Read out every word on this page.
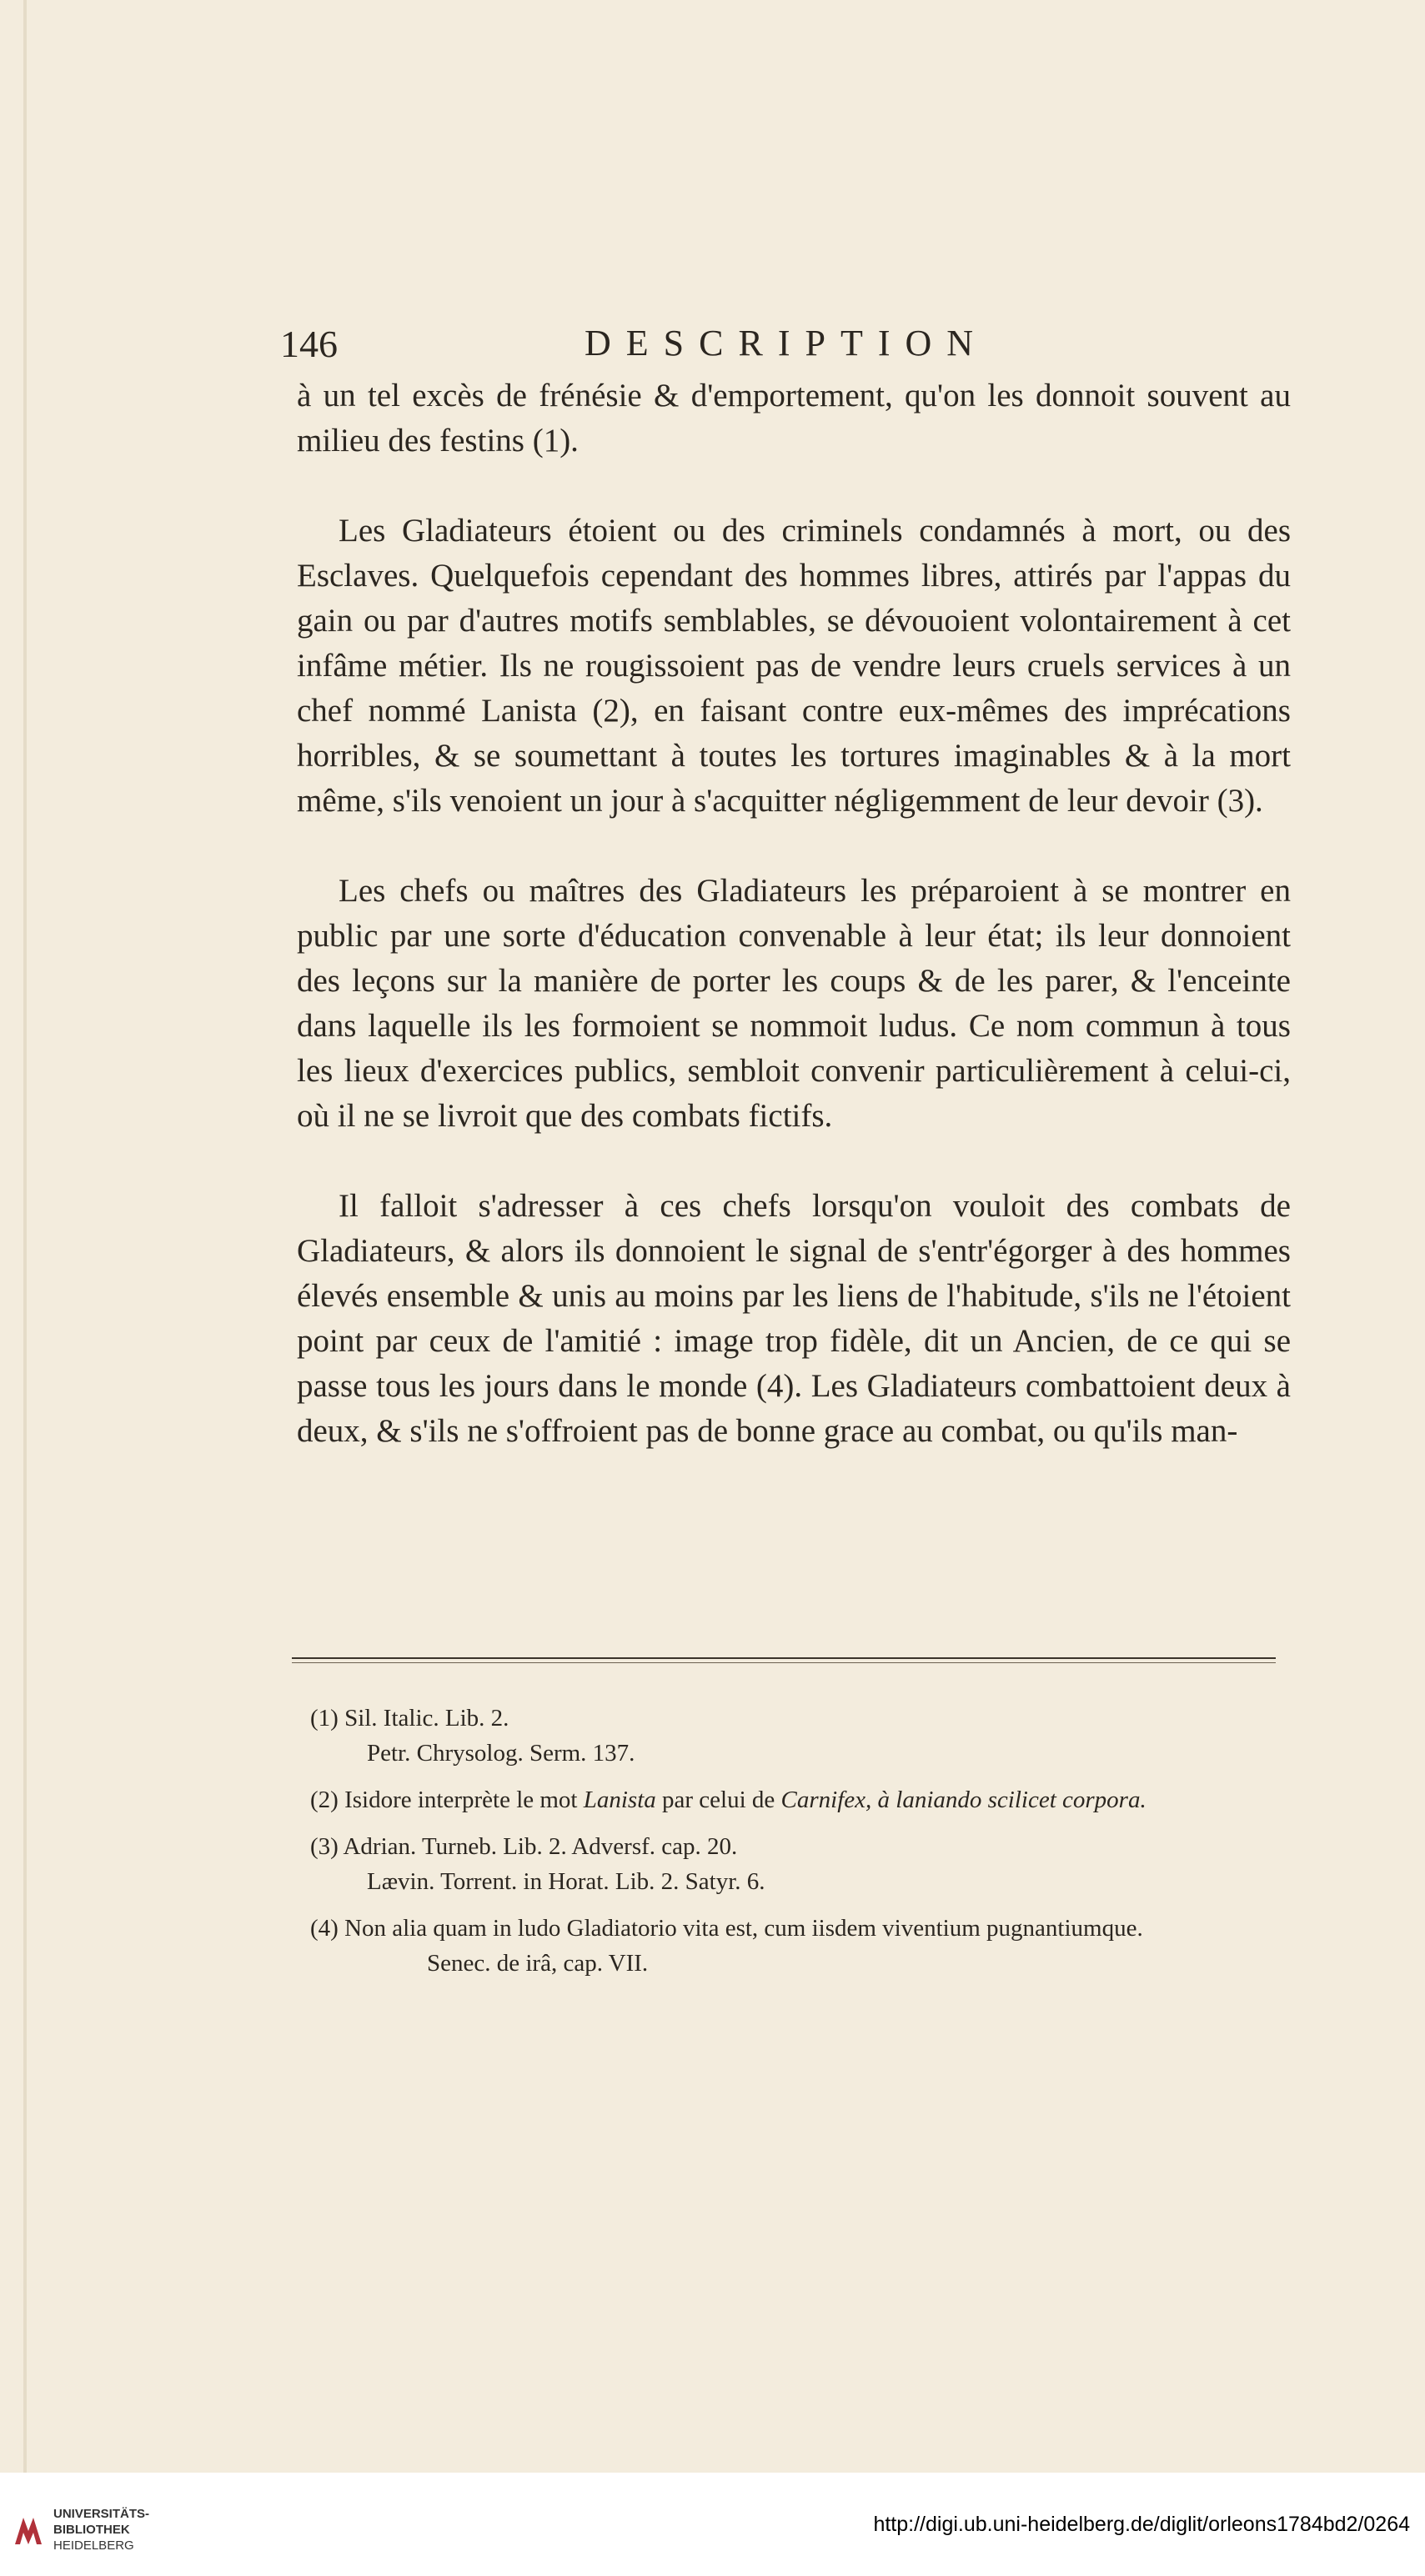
146	DESCRIPTION

à un tel excès de frénésie & d'emportement, qu'on les donnoit souvent au milieu des festins (1).

Les Gladiateurs étoient ou des criminels condamnés à mort, ou des Esclaves. Quelquefois cependant des hommes libres, attirés par l'appas du gain ou par d'autres motifs semblables, se dévouoient volontairement à cet infâme métier. Ils ne rougissoient pas de vendre leurs cruels services à un chef nommé Lanista (2), en faisant contre eux-mêmes des imprécations horribles, & se soumettant à toutes les tortures imaginables & à la mort même, s'ils venoient un jour à s'acquitter négligemment de leur devoir (3).

Les chefs ou maîtres des Gladiateurs les préparoient à se montrer en public par une sorte d'éducation convenable à leur état; ils leur donnoient des leçons sur la manière de porter les coups & de les parer, & l'enceinte dans laquelle ils les formoient se nommoit ludus. Ce nom commun à tous les lieux d'exercices publics, sembloit convenir particulièrement à celui-ci, où il ne se livroit que des combats fictifs.

Il falloit s'adresser à ces chefs lorsqu'on vouloit des combats de Gladiateurs, & alors ils donnoient le signal de s'entr'égorger à des hommes élevés ensemble & unis au moins par les liens de l'habitude, s'ils ne l'étoient point par ceux de l'amitié : image trop fidèle, dit un Ancien, de ce qui se passe tous les jours dans le monde (4). Les Gladiateurs combattoient deux à deux, & s'ils ne s'offroient pas de bonne grace au combat, ou qu'ils man-

(1) Sil. Italic. Lib. 2.
Petr. Chrysolog. Serm. 137.
(2) Isidore interprète le mot Lanista par celui de Carnifex, à laniando scilicet corpora.
(3) Adrian. Turneb. Lib. 2. Adversf. cap. 20.
Lævin. Torrent. in Horat. Lib. 2. Satyr. 6.
(4) Non alia quam in ludo Gladiatorio vita est, cum iisdem viventium pugnantiumque.
Senec. de irâ, cap. VII.
UNIVERSITÄTS-
BIBLIOTHEK
HEIDELBERG
http://digi.ub.uni-heidelberg.de/diglit/orleons1784bd2/0264
